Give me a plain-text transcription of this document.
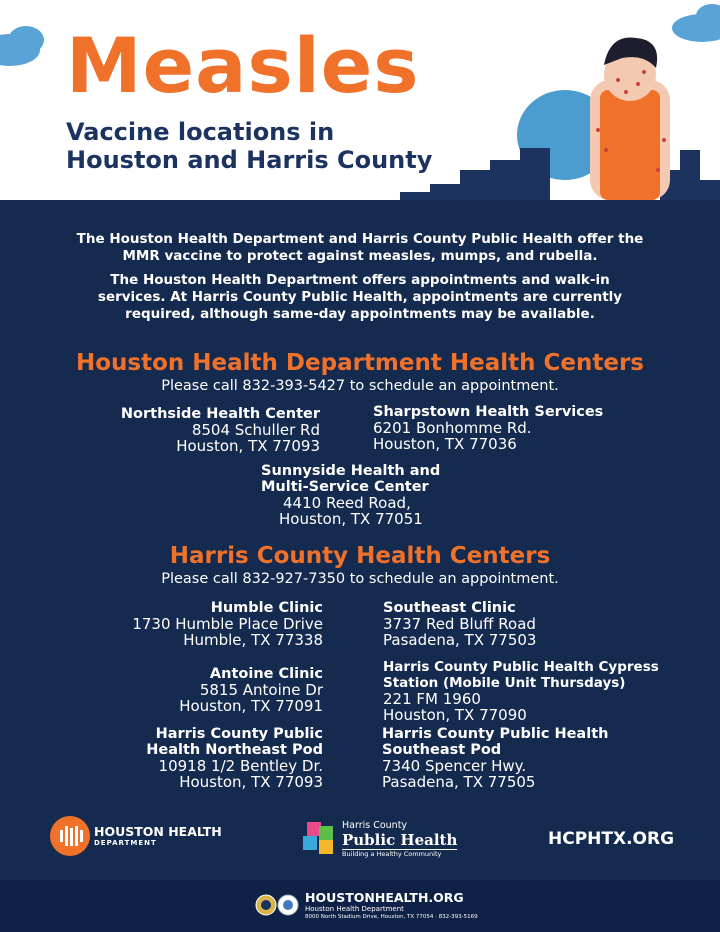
Measles
Vaccine locations in
Houston and Harris County
The Houston Health Department and Harris County Public Health offer the
MMR vaccine to protect against measles, mumps, and rubella.
The Houston Health Department offers appointments and walk-in
services. At Harris County Public Health, appointments are currently
required, although same-day appointments may be available.
Houston Health Department Health Centers
Please call 832-393-5427 to schedule an appointment.
Northside Health Center
8504 Schuller Rd
Houston, TX 77093
Sharpstown Health Services
6201 Bonhomme Rd.
Houston, TX 77036
Sunnyside Health and
Multi-Service Center
4410 Reed Road,
Houston, TX 77051
Harris County Health Centers
Please call 832-927-7350 to schedule an appointment.
Humble Clinic
1730 Humble Place Drive
Humble, TX 77338
Southeast Clinic
3737 Red Bluff Road
Pasadena, TX 77503
Antoine Clinic
5815 Antoine Dr
Houston, TX 77091
Harris County Public Health Cypress
Station (Mobile Unit Thursdays)
221 FM 1960
Houston, TX 77090
Harris County Public
Health Northeast Pod
10918 1/2 Bentley Dr.
Houston, TX 77093
Harris County Public Health
Southeast Pod
7340 Spencer Hwy.
Pasadena, TX 77505
HOUSTON HEALTH
DEPARTMENT
Harris County
Public Health
Building a Healthy Community
HCPHTX.ORG
HOUSTONHEALTH.ORG
Houston Health Department
8000 North Stadium Drive, Houston, TX 77054 · 832-393-5169
